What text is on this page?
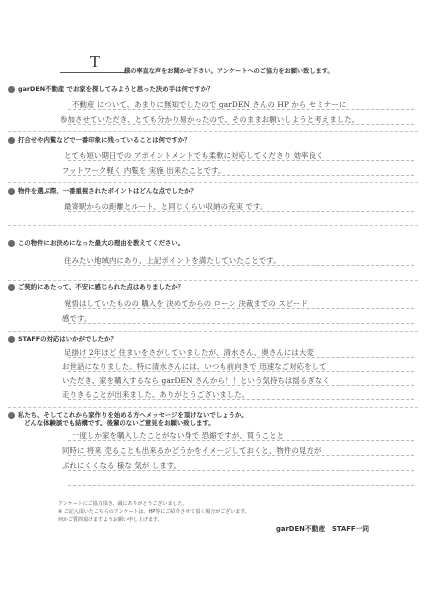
T
様の率直な声をお聞かせ下さい。アンケートへのご協力をお願い致します。
garDEN不動産 でお家を探してみようと思った決め手は何ですか？
不動産 について、あまりに無知でしたので garDEN さんの HP から セミナーに
参加させていただき、とても分かり易かったので、そのままお願いしようと考えました。
打合せや内覧などで一番印象に残っていることは何ですか？
とても短い期日での アポイントメントでも柔軟に対応してくださり 効率良く
フットワーク軽く 内覧を 実施 出来たことです。
物件を選ぶ際、一番重視されたポイントはどんな点でしたか？
最寄駅からの距離とルート、と同じくらい収納の充実 です。
この物件にお決めになった最大の理由を教えてください。
住みたい地域内にあり、上記ポイントを満たしていたことです。
ご契約にあたって、不安に感じられた点はありましたか？
覚悟はしていたものの 購入を 決めてからの ローン 決裁までの スピード
感です。
STAFFの対応はいかがでしたか？
足掛け 2年ほど 住まいをさがしていましたが、清水さん、奥さんには大変
お世話になりました。特に清水さんには、いつも前向きで 迅速なご対応をして
いただき、家を購入するなら garDEN さんから！！という気持ちは揺るぎなく
走りきることが出来ました。ありがとうございました。
私たち、そしてこれから家作りを始める方へメッセージを頂けないでしょうか。
どんな体験談でも結構です。後輩のないご意見をお願い致します。
一度しか家を購入したことがない身で 恐縮ですが、買うことと
同時に 将来 売ることも出来るかどうかをイメージしておくと、物件の見方が
ぶれにくくなる 様な 気が します。
アンケートにご協力頂き、誠にありがとうございました。
※ ご記入頂いたこちらのアンケートは、HP等にご紹介させて頂く場合がございます。
何かご質問頂けますようお願い申し上げます。
garDEN不動産　STAFF一同
